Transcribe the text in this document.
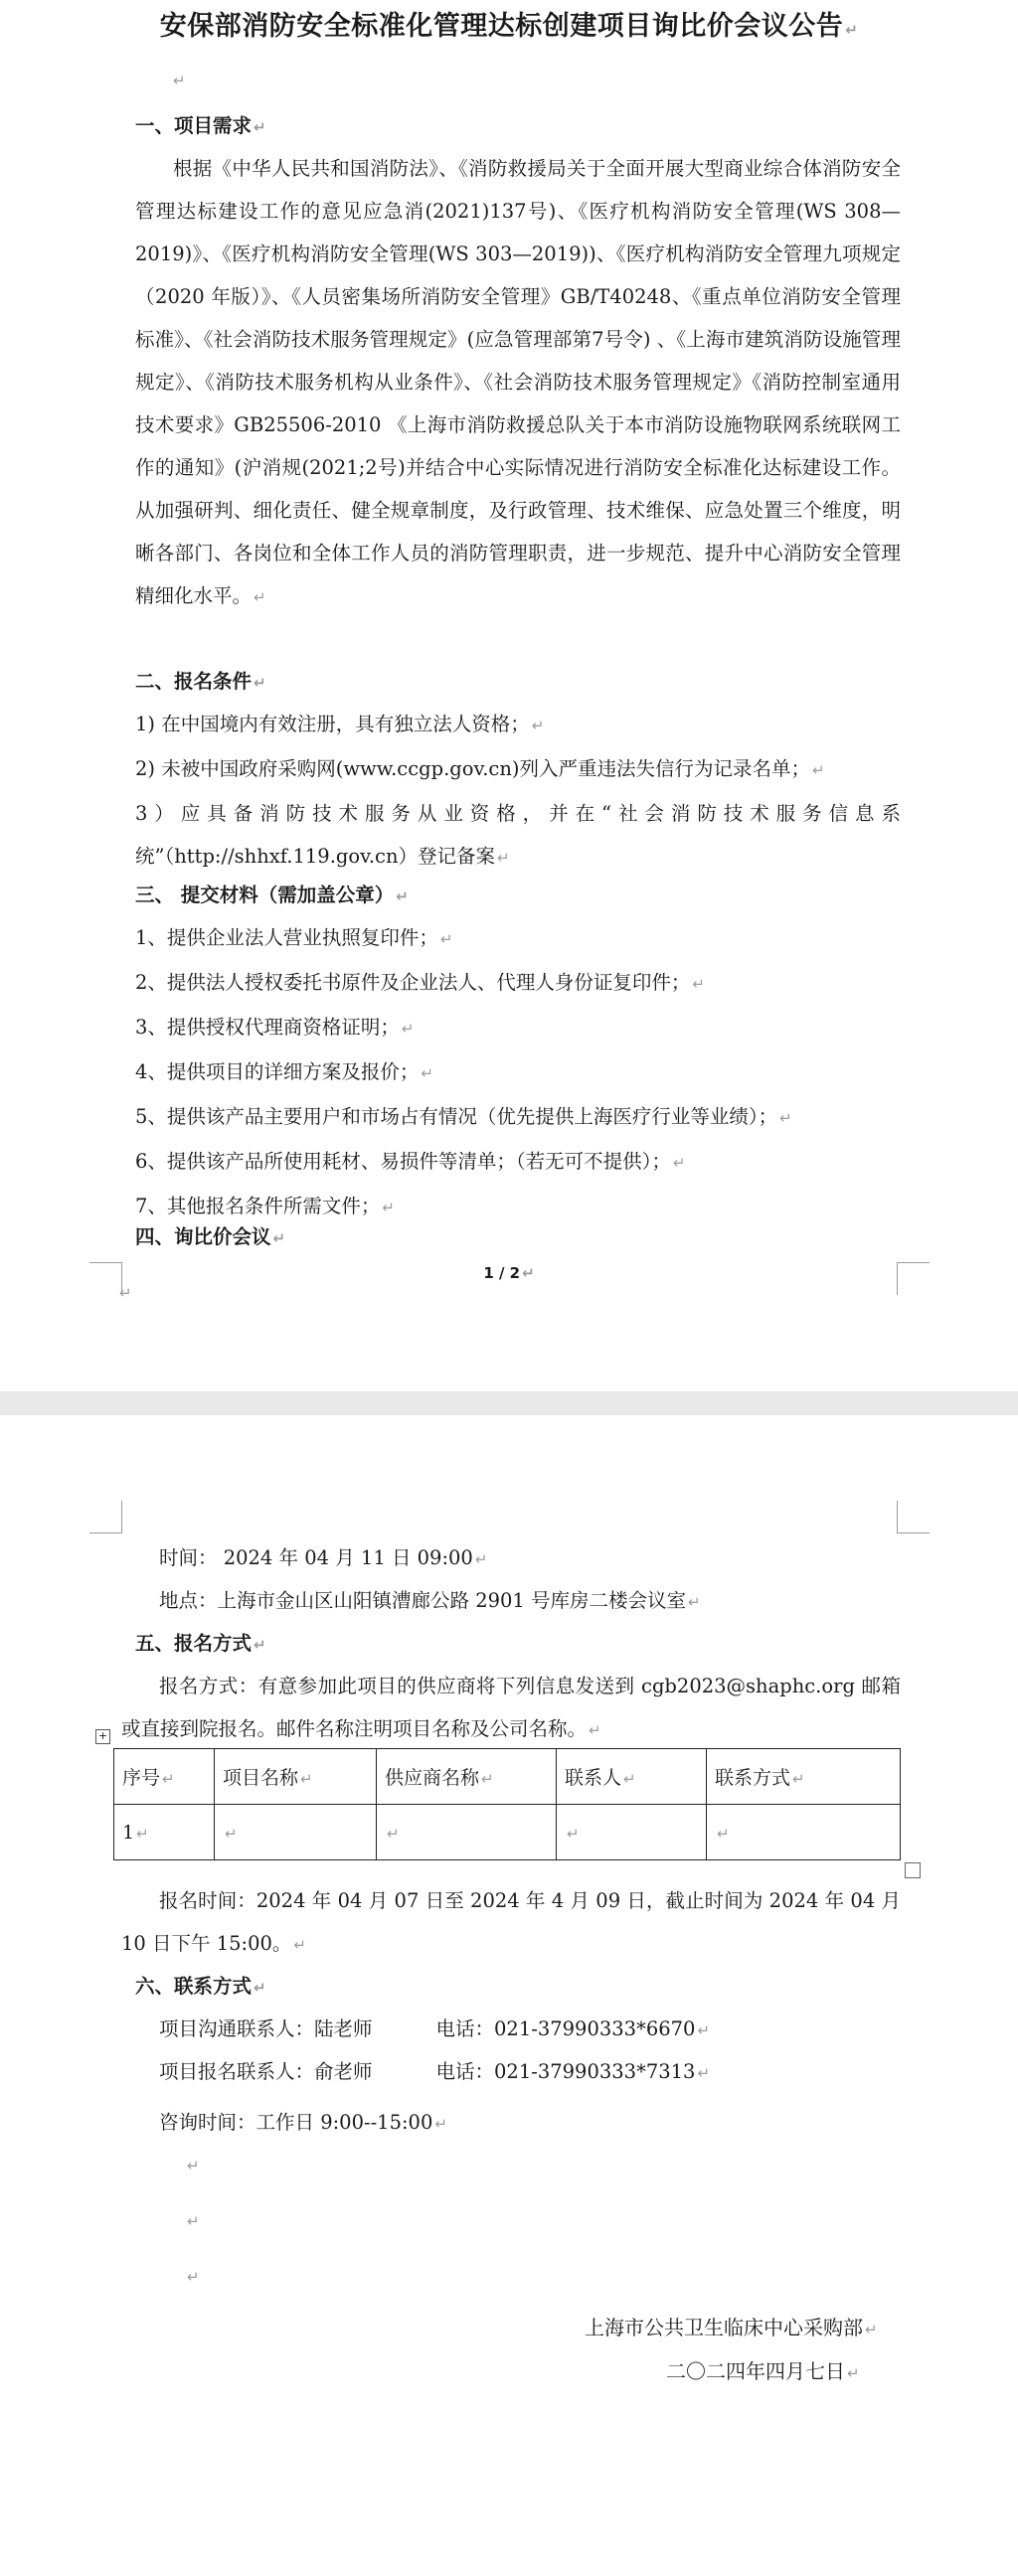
安保部消防安全标准化管理达标创建项目询比价会议公告 ↵
↵
一、项目需求 ↵
根据《中华人民共和国消防法》、《消防救援局关于全面开展大型商业综合体消防安全管理达标建设工作的意见应急消(2021)137号)、《医疗机构消防安全管理(WS 308—2019)》、《医疗机构消防安全管理(WS 303—2019))、《医疗机构消防安全管理九项规定（2020 年版）》、《人员密集场所消防安全管理》GB/T40248、《重点单位消防安全管理标准》、《社会消防技术服务管理规定》(应急管理部第7号令) 、《上海市建筑消防设施管理规定》、《消防技术服务机构从业条件》、《社会消防技术服务管理规定》《消防控制室通用技术要求》GB25506-2010 《上海市消防救援总队关于本市消防设施物联网系统联网工作的通知》(沪消规(2021;2号)并结合中心实际情况进行消防安全标准化达标建设工作。从加强研判、细化责任、健全规章制度，及行政管理、技术维保、应急处置三个维度，明晰各部门、各岗位和全体工作人员的消防管理职责，进一步规范、提升中心消防安全管理精细化水平。 ↵
二、报名条件 ↵
1) 在中国境内有效注册，具有独立法人资格； ↵
2) 未被中国政府采购网(www.ccgp.gov.cn)列入严重违法失信行为记录名单； ↵
3）应具备消防技术服务从业资格，并在“社会消防技术服务信息系统”（http://shhxf.119.gov.cn）登记备案 ↵
三、 提交材料（需加盖公章） ↵
1、提供企业法人营业执照复印件； ↵
2、提供法人授权委托书原件及企业法人、代理人身份证复印件； ↵
3、提供授权代理商资格证明； ↵
4、提供项目的详细方案及报价； ↵
5、提供该产品主要用户和市场占有情况（优先提供上海医疗行业等业绩）； ↵
6、提供该产品所使用耗材、易损件等清单；（若无可不提供）； ↵
7、其他报名条件所需文件； ↵
四、询比价会议 ↵
1 / 2 ↵
↵
时间： 2024 年 04 月 11 日 09:00 ↵
地点：上海市金山区山阳镇漕廊公路 2901 号库房二楼会议室 ↵
五、报名方式 ↵
报名方式：有意参加此项目的供应商将下列信息发送到 cgb2023@shaphc.org 邮箱或直接到院报名。邮件名称注明项目名称及公司名称。 ↵
+
序号 ↵	项目名称 ↵	供应商名称 ↵	联系人 ↵	联系方式 ↵
1 ↵	↵	↵	↵	↵
报名时间：2024 年 04 月 07 日至 2024 年 4 月 09 日，截止时间为 2024 年 04 月 10 日下午 15:00。 ↵
六、联系方式 ↵
项目沟通联系人：陆老师	电话：021-37990333*6670 ↵
项目报名联系人：俞老师	电话：021-37990333*7313 ↵
咨询时间：工作日 9:00--15:00 ↵
↵
↵
↵
上海市公共卫生临床中心采购部 ↵
二〇二四年四月七日 ↵
